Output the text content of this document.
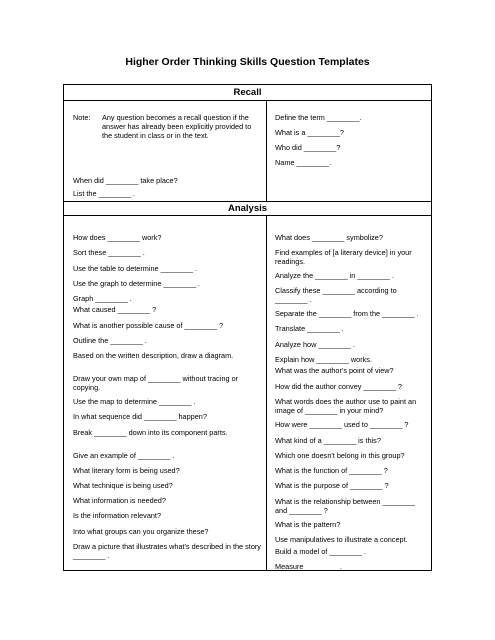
Higher Order Thinking Skills Question Templates
Recall
Note: Any question becomes a recall question if the answer has already been explicitly provided to the student in class or in the text.
When did ________ take place?
List the ________ .
Define the term ________.
What is a ________?
Who did ________?
Name ________.
Analysis
How does ________ work?
Sort these ________ .
Use the table to determine ________ .
Use the graph to determine ________ .
Graph ________ .
What caused ________ ?
What is another possible cause of ________ ?
Outline the ________ .
Based on the written description, draw a diagram.
Draw your own map of ________ without tracing or copying.
Use the map to determine ________ .
In what sequence did ________ happen?
Break ________ down into its component parts.
Give an example of ________ .
What literary form is being used?
What technique is being used?
What information is needed?
Is the information relevant?
Into what groups can you organize these?
Draw a picture that illustrates what's described in the story ________ .
What does ________ symbolize?
Find examples of [a literary device] in your readings.
Analyze the ________ in ________ .
Classify these ________ according to ________ .
Separate the ________ from the ________ .
Translate ________ .
Analyze how ________ .
Explain how ________ works.
What was the author's point of view?
How did the author convey ________ ?
What words does the author use to paint an image of ________ in your mind?
How were ________ used to ________ ?
What kind of a ________ is this?
Which one doesn't belong in this group?
What is the function of ________ ?
What is the purpose of ________ ?
What is the relationship between ________ and ________ ?
What is the pattern?
Use manipulatives to illustrate a concept.
Build a model of ________ .
Measure ________ .
